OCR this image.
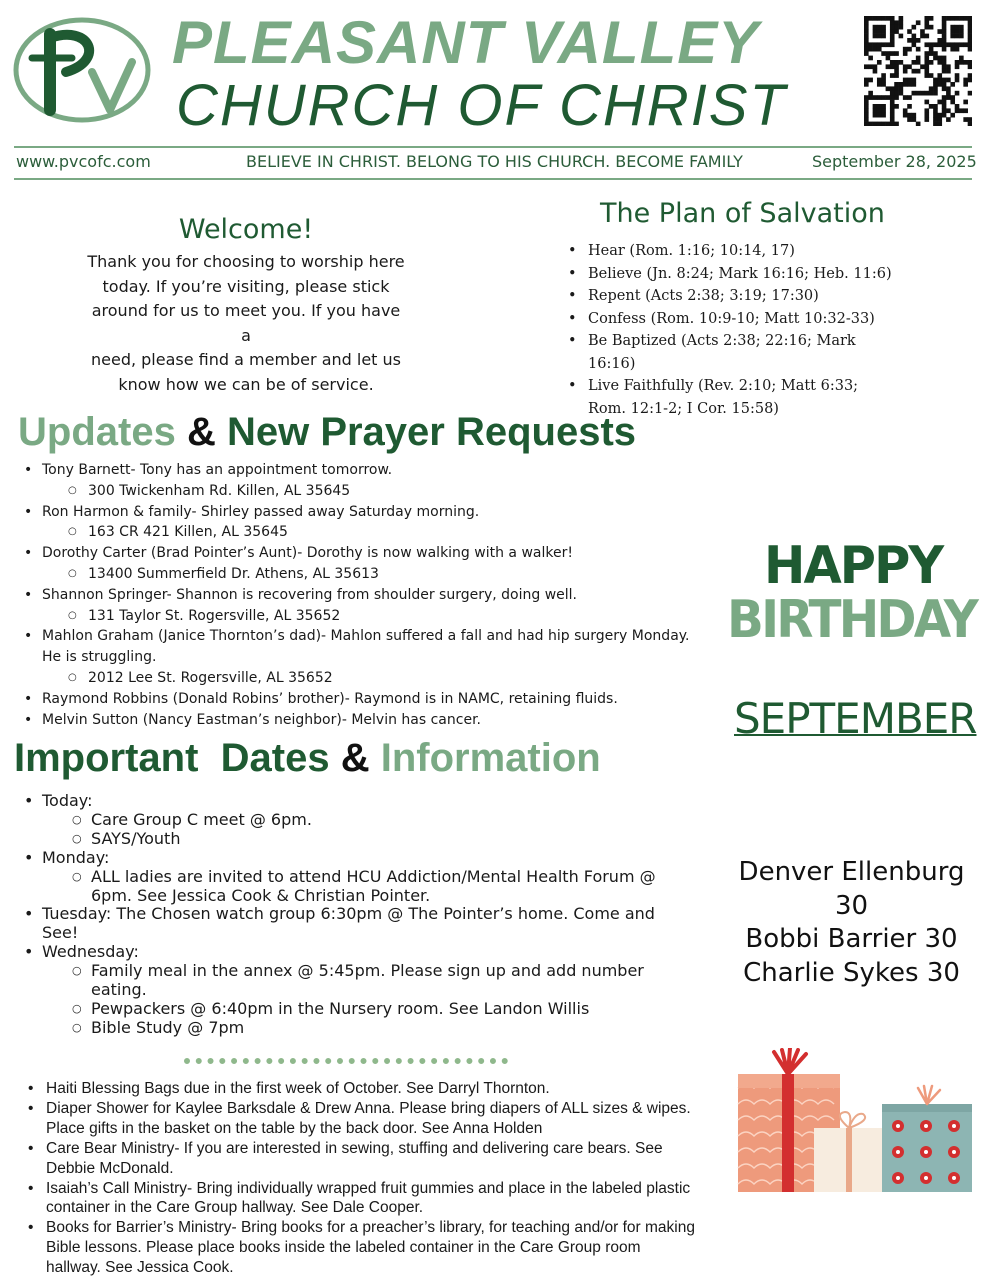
PLEASANT VALLEY
CHURCH OF CHRIST
www.pvcofc.com	BELIEVE IN CHRIST. BELONG TO HIS CHURCH. BECOME FAMILY	September 28, 2025
Welcome!
Thank you for choosing to worship here
today. If you’re visiting, please stick
around for us to meet you. If you have a
need, please find a member and let us
know how we can be of service.
The Plan of Salvation
• Hear (Rom. 1:16; 10:14, 17)
• Believe (Jn. 8:24; Mark 16:16; Heb. 11:6)
• Repent (Acts 2:38; 3:19; 17:30)
• Confess (Rom. 10:9-10; Matt 10:32-33)
• Be Baptized (Acts 2:38; 22:16; Mark 16:16)
• Live Faithfully (Rev. 2:10; Matt 6:33;
Rom. 12:1-2; I Cor. 15:58)
Updates & New Prayer Requests
• Tony Barnett- Tony has an appointment tomorrow.
○ 300 Twickenham Rd. Killen, AL 35645
• Ron Harmon & family- Shirley passed away Saturday morning.
○ 163 CR 421 Killen, AL 35645
• Dorothy Carter (Brad Pointer’s Aunt)- Dorothy is now walking with a walker!
○ 13400 Summerfield Dr. Athens, AL 35613
• Shannon Springer- Shannon is recovering from shoulder surgery, doing well.
○ 131 Taylor St. Rogersville, AL 35652
• Mahlon Graham (Janice Thornton’s dad)- Mahlon suffered a fall and had hip surgery Monday. He is struggling.
○ 2012 Lee St. Rogersville, AL 35652
• Raymond Robbins (Donald Robins’ brother)- Raymond is in NAMC, retaining fluids.
• Melvin Sutton (Nancy Eastman’s neighbor)- Melvin has cancer.
Important  Dates & Information
• Today:
○ Care Group C meet @ 6pm.
○ SAYS/Youth
• Monday:
○ ALL ladies are invited to attend HCU Addiction/Mental Health Forum @ 6pm. See Jessica Cook & Christian Pointer.
• Tuesday: The Chosen watch group 6:30pm @ The Pointer’s home. Come and See!
• Wednesday:
○ Family meal in the annex @ 5:45pm. Please sign up and add number eating.
○ Pewpackers @ 6:40pm in the Nursery room. See Landon Willis
○ Bible Study @ 7pm
• Haiti Blessing Bags due in the first week of October. See Darryl Thornton.
• Diaper Shower for Kaylee Barksdale & Drew Anna. Please bring diapers of ALL sizes & wipes. Place gifts in the basket on the table by the back door. See Anna Holden
• Care Bear Ministry- If you are interested in sewing, stuffing and delivering care bears. See Debbie McDonald.
• Isaiah’s Call Ministry- Bring individually wrapped fruit gummies and place in the labeled plastic container in the Care Group hallway. See Dale Cooper.
• Books for Barrier’s Ministry- Bring books for a preacher’s library, for teaching and/or for making Bible lessons. Please place books inside the labeled container in the Care Group room hallway. See Jessica Cook.
HAPPY
BIRTHDAY
SEPTEMBER
Denver Ellenburg 30
Bobbi Barrier 30
Charlie Sykes 30
